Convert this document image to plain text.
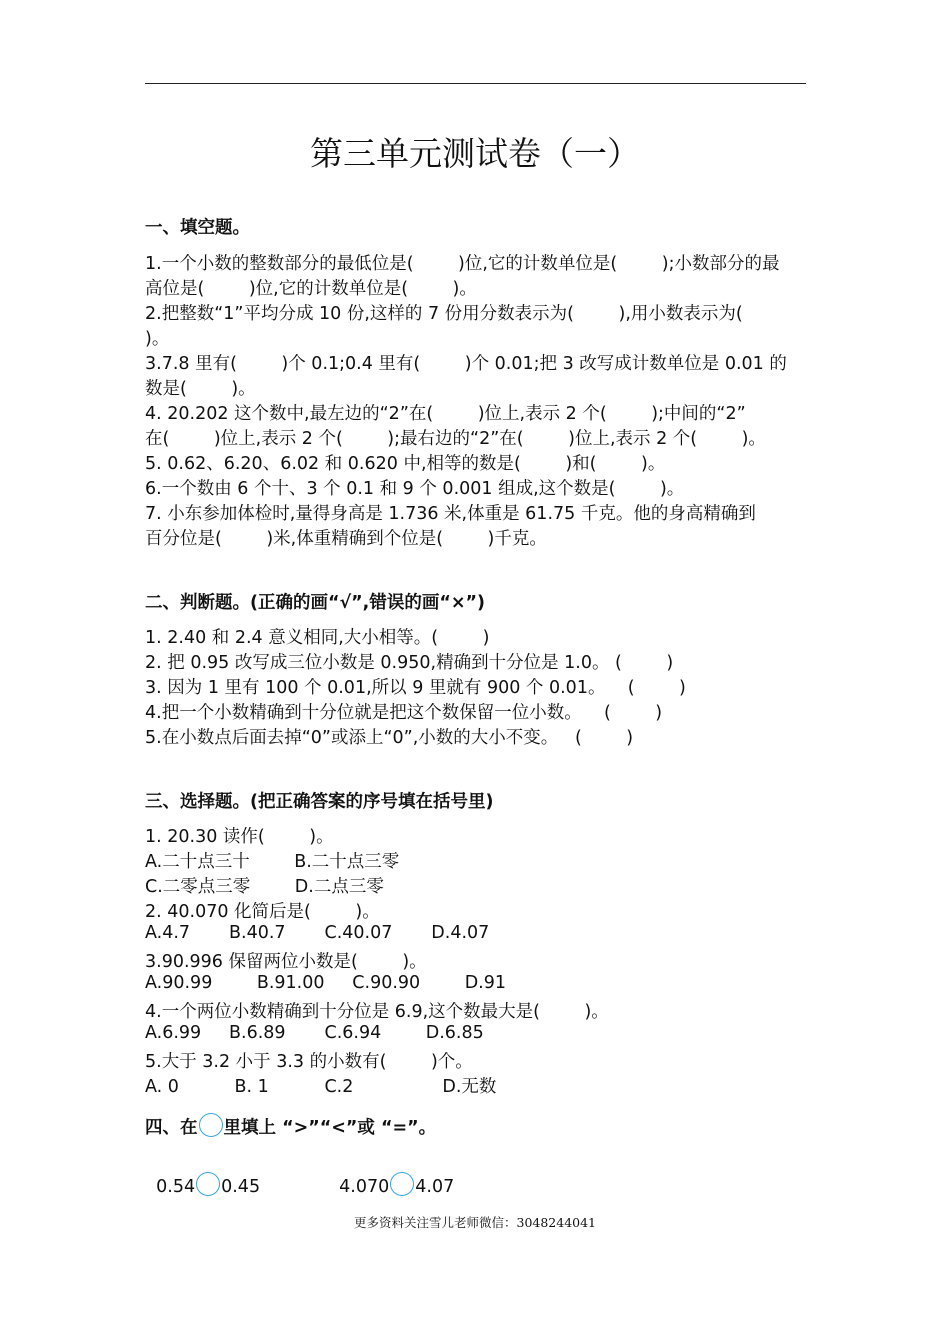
第三单元测试卷（一）
一、填空题。
1.一个小数的整数部分的最低位是(        )位,它的计数单位是(        );小数部分的最
高位是(        )位,它的计数单位是(        )。
2.把整数“1”平均分成 10 份,这样的 7 份用分数表示为(        ),用小数表示为(
)。
3.7.8 里有(        )个 0.1;0.4 里有(        )个 0.01;把 3 改写成计数单位是 0.01 的
数是(        )。
4. 20.202 这个数中,最左边的“2”在(        )位上,表示 2 个(        );中间的“2”
在(        )位上,表示 2 个(        );最右边的“2”在(        )位上,表示 2 个(        )。
5. 0.62、6.20、6.02 和 0.620 中,相等的数是(        )和(        )。
6.一个数由 6 个十、3 个 0.1 和 9 个 0.001 组成,这个数是(        )。
7. 小东参加体检时,量得身高是 1.736 米,体重是 61.75 千克。他的身高精确到
百分位是(        )米,体重精确到个位是(        )千克。
二、判断题。(正确的画“√”,错误的画“×”)
1. 2.40 和 2.4 意义相同,大小相等。(        )
2. 把 0.95 改写成三位小数是 0.950,精确到十分位是 1.0。 (        )
3. 因为 1 里有 100 个 0.01,所以 9 里就有 900 个 0.01。    (        )
4.把一个小数精确到十分位就是把这个数保留一位小数。    (        )
5.在小数点后面去掉“0”或添上“0”,小数的大小不变。   (        )
三、选择题。(把正确答案的序号填在括号里)
1. 20.30 读作(        )。
A.二十点三十        B.二十点三零
C.二零点三零        D.二点三零
2. 40.070 化简后是(        )。
A.4.7       B.40.7       C.40.07       D.4.07
3.90.996 保留两位小数是(        )。
A.90.99        B.91.00     C.90.90        D.91
4.一个两位小数精确到十分位是 6.9,这个数最大是(        )。
A.6.99     B.6.89       C.6.94        D.6.85
5.大于 3.2 小于 3.3 的小数有(        )个。
A. 0          B. 1          C.2                D.无数
四、在 里填上 “>”“<”或 “=”。

0.54 0.45	4.070 4.07

更多资料关注雪儿老师微信：3048244041
